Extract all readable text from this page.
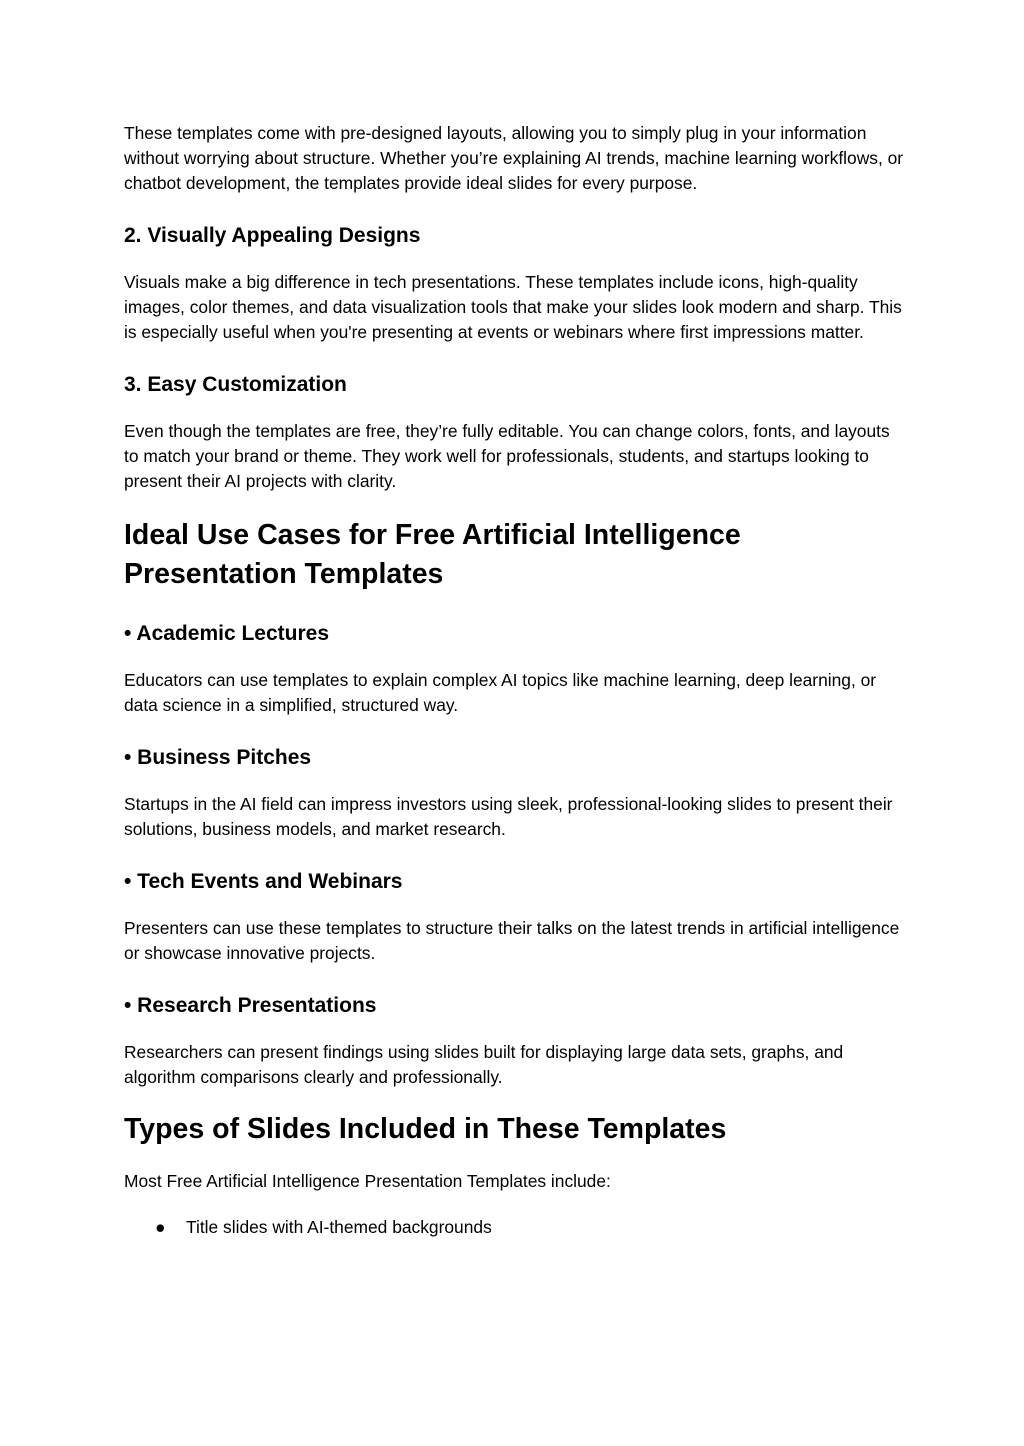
These templates come with pre-designed layouts, allowing you to simply plug in your information without worrying about structure. Whether you’re explaining AI trends, machine learning workflows, or chatbot development, the templates provide ideal slides for every purpose.

2. Visually Appealing Designs

Visuals make a big difference in tech presentations. These templates include icons, high-quality images, color themes, and data visualization tools that make your slides look modern and sharp. This is especially useful when you're presenting at events or webinars where first impressions matter.

3. Easy Customization

Even though the templates are free, they’re fully editable. You can change colors, fonts, and layouts to match your brand or theme. They work well for professionals, students, and startups looking to present their AI projects with clarity.

Ideal Use Cases for Free Artificial Intelligence Presentation Templates
• Academic Lectures

Educators can use templates to explain complex AI topics like machine learning, deep learning, or data science in a simplified, structured way.

• Business Pitches

Startups in the AI field can impress investors using sleek, professional-looking slides to present their solutions, business models, and market research.

• Tech Events and Webinars

Presenters can use these templates to structure their talks on the latest trends in artificial intelligence or showcase innovative projects.

• Research Presentations

Researchers can present findings using slides built for displaying large data sets, graphs, and algorithm comparisons clearly and professionally.

Types of Slides Included in These Templates

Most Free Artificial Intelligence Presentation Templates include:

● Title slides with AI-themed backgrounds
